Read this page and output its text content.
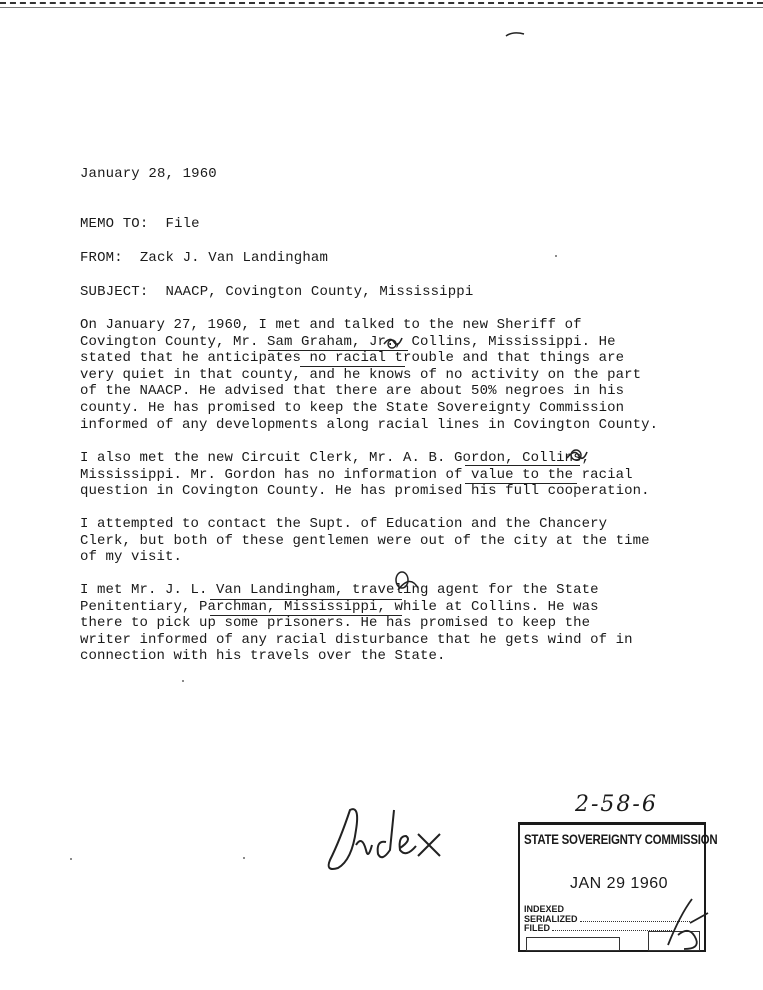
January 28, 1960
MEMO TO: File
FROM: Zack J. Van Landingham
SUBJECT: NAACP, Covington County, Mississippi
On January 27, 1960, I met and talked to the new Sheriff of
Covington County, Mr. Sam Graham, Jr., Collins, Mississippi. He
stated that he anticipates no racial trouble and that things are
very quiet in that county, and he knows of no activity on the part
of the NAACP. He advised that there are about 50% negroes in his
county. He has promised to keep the State Sovereignty Commission
informed of any developments along racial lines in Covington County.
I also met the new Circuit Clerk, Mr. A. B. Gordon, Collins,
Mississippi. Mr. Gordon has no information of value to the racial
question in Covington County. He has promised his full cooperation.
I attempted to contact the Supt. of Education and the Chancery
Clerk, but both of these gentlemen were out of the city at the time
of my visit.
I met Mr. J. L. Van Landingham, traveling agent for the State
Penitentiary, Parchman, Mississippi, while at Collins. He was
there to pick up some prisoners. He has promised to keep the
writer informed of any racial disturbance that he gets wind of in
connection with his travels over the State.
2-58-6
STATE SOVEREIGNTY COMMISSION
JAN 29 1960
INDEXED
SERIALIZED
FILED
